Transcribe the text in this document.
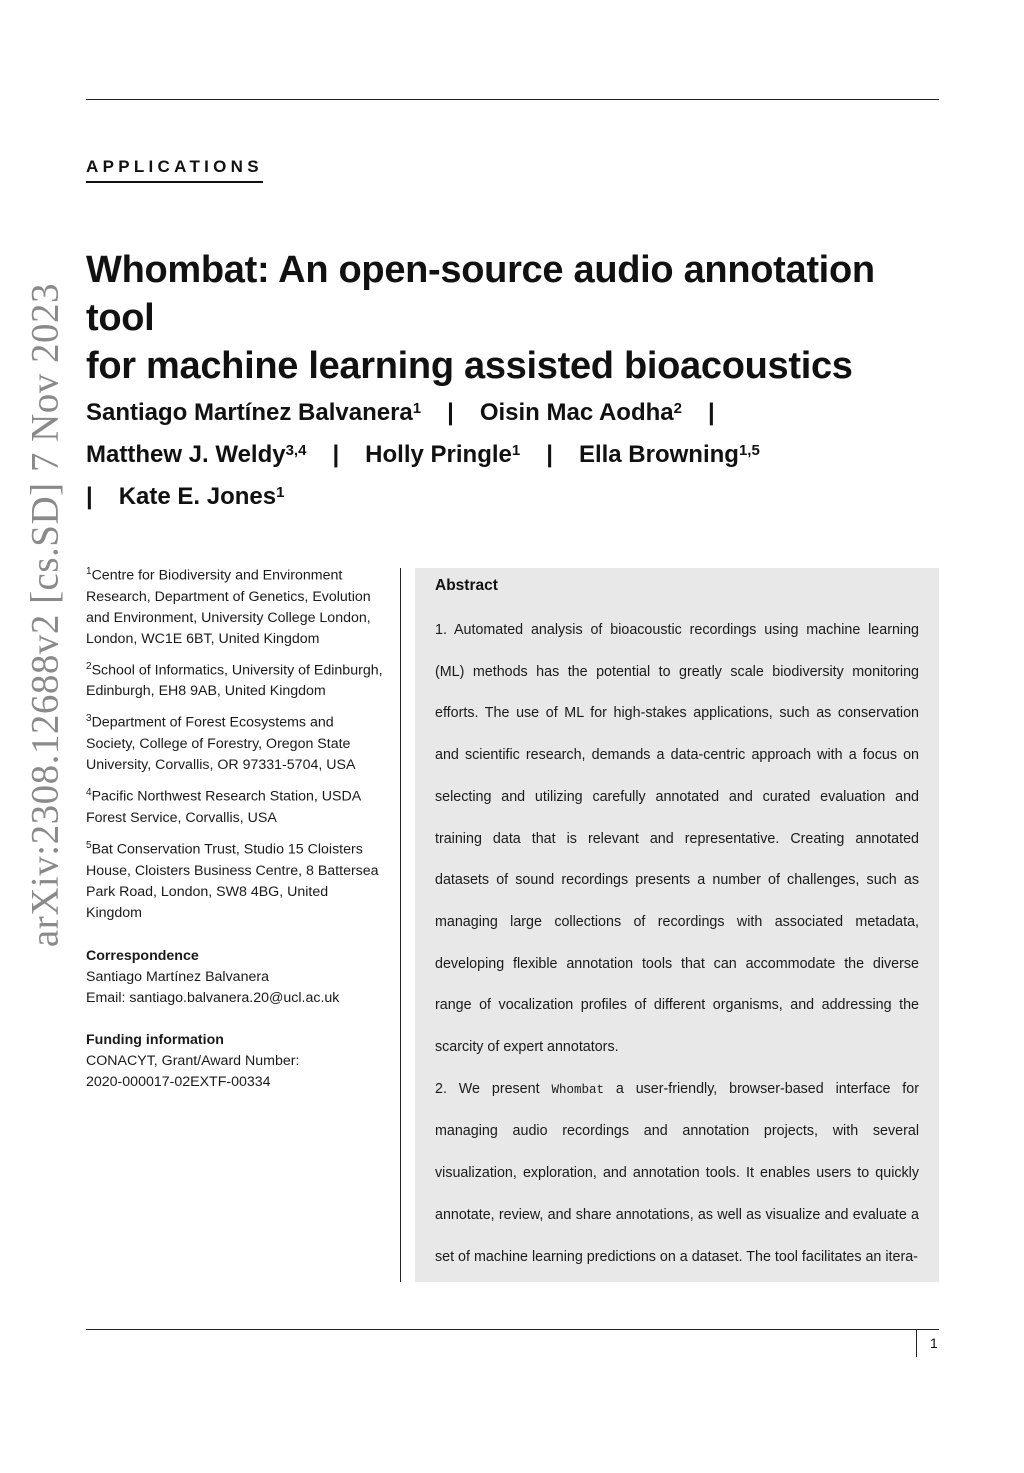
APPLICATIONS
arXiv:2308.12688v2 [cs.SD] 7 Nov 2023
Whombat: An open-source audio annotation tool
for machine learning assisted bioacoustics
Santiago Martínez Balvanera$^1$ | Oisin Mac Aodha$^2$ |
Matthew J. Weldy$^{3,4}$ | Holly Pringle$^1$ | Ella Browning$^{1,5}$
| Kate E. Jones$^1$
$^1$Centre for Biodiversity and Environment Research, Department of Genetics, Evolution and Environment, University College London, London, WC1E 6BT, United Kingdom
$^2$School of Informatics, University of Edinburgh, Edinburgh, EH8 9AB, United Kingdom
$^3$Department of Forest Ecosystems and Society, College of Forestry, Oregon State University, Corvallis, OR 97331-5704, USA
$^4$Pacific Northwest Research Station, USDA Forest Service, Corvallis, USA
$^5$Bat Conservation Trust, Studio 15 Cloisters House, Cloisters Business Centre, 8 Battersea Park Road, London, SW8 4BG, United Kingdom
Correspondence
Santiago Martínez Balvanera
Email: santiago.balvanera.20@ucl.ac.uk
Funding information
CONACYT, Grant/Award Number:
2020-000017-02EXTF-00334
Abstract

1. Automated analysis of bioacoustic recordings using machine learning (ML) methods has the potential to greatly scale biodiversity monitoring efforts. The use of ML for high-stakes applications, such as conservation and scientific research, demands a data-centric approach with a focus on selecting and utilizing carefully annotated and curated evaluation and training data that is relevant and representative. Creating annotated datasets of sound recordings presents a number of challenges, such as managing large collections of recordings with associated metadata, developing flexible annotation tools that can accommodate the diverse range of vocalization profiles of different organisms, and addressing the scarcity of expert annotators.

2. We present Whombat a user-friendly, browser-based interface for managing audio recordings and annotation projects, with several visualization, exploration, and annotation tools. It enables users to quickly annotate, review, and share annotations, as well as visualize and evaluate a set of machine learning predictions on a dataset. The tool facilitates an itera-

1
